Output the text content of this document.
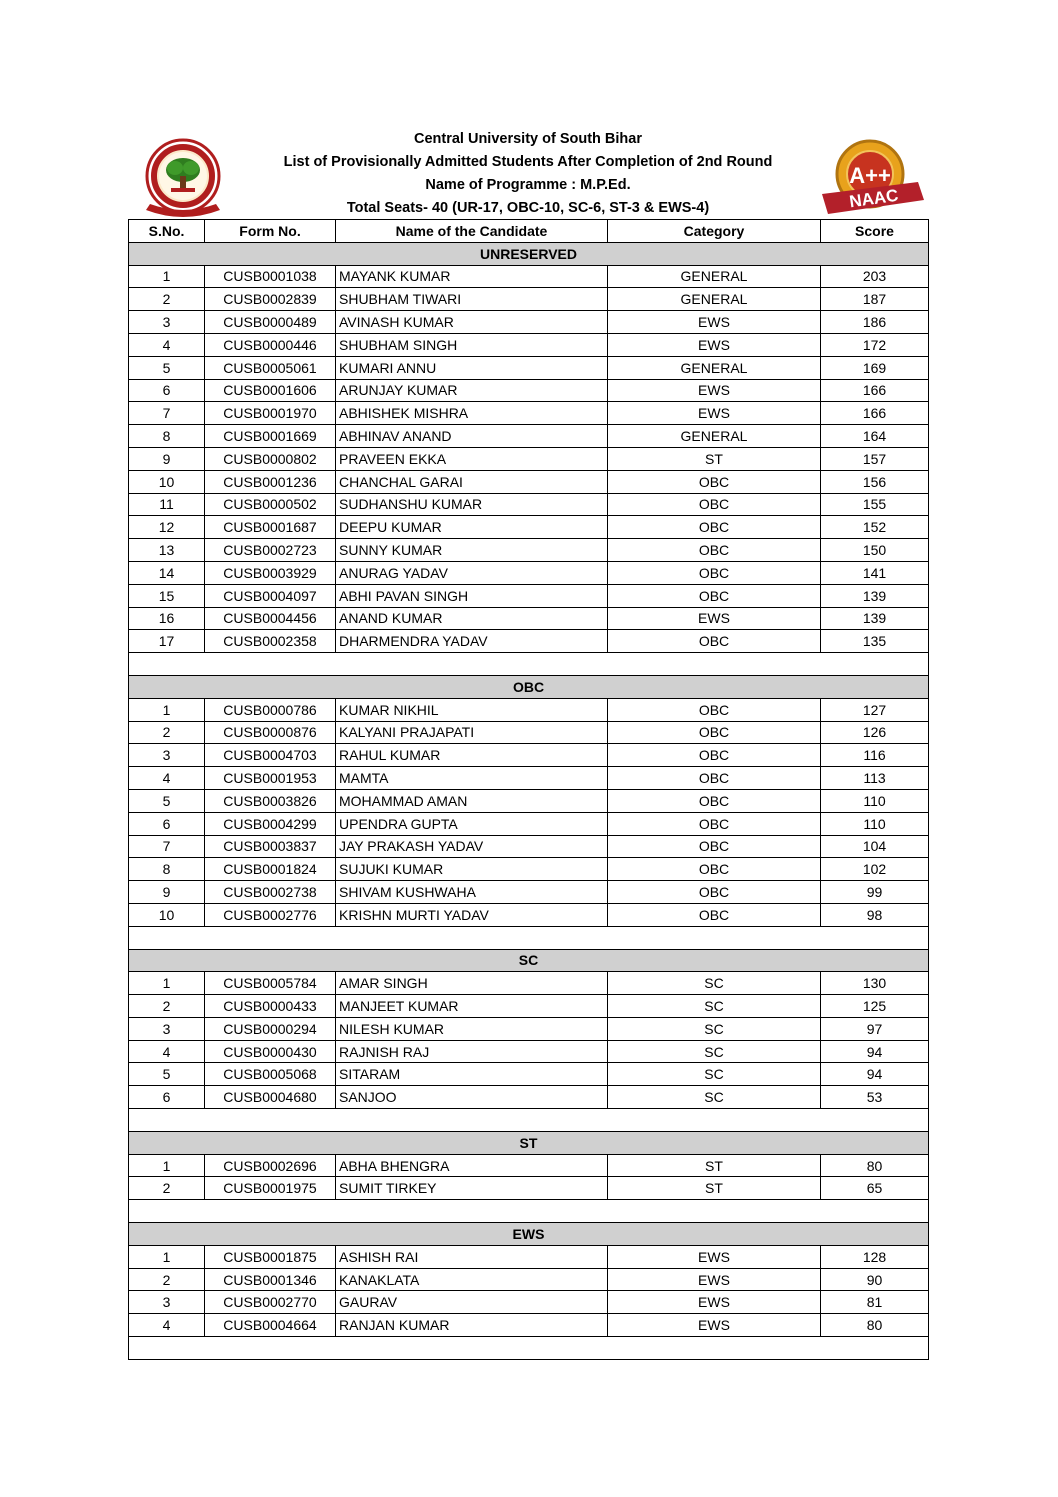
A++
NAAC
Central University of South Bihar
List of Provisionally Admitted Students After Completion of 2nd Round
Name of Programme : M.P.Ed.
Total Seats- 40 (UR-17, OBC-10, SC-6, ST-3 & EWS-4)
S.No.	Form No.	Name of the Candidate	Category	Score
UNRESERVED				
1	CUSB0001038	MAYANK KUMAR	GENERAL	203
2	CUSB0002839	SHUBHAM TIWARI	GENERAL	187
3	CUSB0000489	AVINASH KUMAR	EWS	186
4	CUSB0000446	SHUBHAM SINGH	EWS	172
5	CUSB0005061	KUMARI ANNU	GENERAL	169
6	CUSB0001606	ARUNJAY KUMAR	EWS	166
7	CUSB0001970	ABHISHEK MISHRA	EWS	166
8	CUSB0001669	ABHINAV ANAND	GENERAL	164
9	CUSB0000802	PRAVEEN EKKA	ST	157
10	CUSB0001236	CHANCHAL GARAI	OBC	156
11	CUSB0000502	SUDHANSHU KUMAR	OBC	155
12	CUSB0001687	DEEPU KUMAR	OBC	152
13	CUSB0002723	SUNNY KUMAR	OBC	150
14	CUSB0003929	ANURAG YADAV	OBC	141
15	CUSB0004097	ABHI PAVAN SINGH	OBC	139
16	CUSB0004456	ANAND KUMAR	EWS	139
17	CUSB0002358	DHARMENDRA YADAV	OBC	135

OBC				
1	CUSB0000786	KUMAR NIKHIL	OBC	127
2	CUSB0000876	KALYANI PRAJAPATI	OBC	126
3	CUSB0004703	RAHUL KUMAR	OBC	116
4	CUSB0001953	MAMTA	OBC	113
5	CUSB0003826	MOHAMMAD AMAN	OBC	110
6	CUSB0004299	UPENDRA GUPTA	OBC	110
7	CUSB0003837	JAY PRAKASH YADAV	OBC	104
8	CUSB0001824	SUJUKI KUMAR	OBC	102
9	CUSB0002738	SHIVAM KUSHWAHA	OBC	99
10	CUSB0002776	KRISHN MURTI YADAV	OBC	98

SC				
1	CUSB0005784	AMAR SINGH	SC	130
2	CUSB0000433	MANJEET KUMAR	SC	125
3	CUSB0000294	NILESH KUMAR	SC	97
4	CUSB0000430	RAJNISH RAJ	SC	94
5	CUSB0005068	SITARAM	SC	94
6	CUSB0004680	SANJOO	SC	53

ST				
1	CUSB0002696	ABHA BHENGRA	ST	80
2	CUSB0001975	SUMIT TIRKEY	ST	65

EWS				
1	CUSB0001875	ASHISH RAI	EWS	128
2	CUSB0001346	KANAKLATA	EWS	90
3	CUSB0002770	GAURAV	EWS	81
4	CUSB0004664	RANJAN KUMAR	EWS	80
